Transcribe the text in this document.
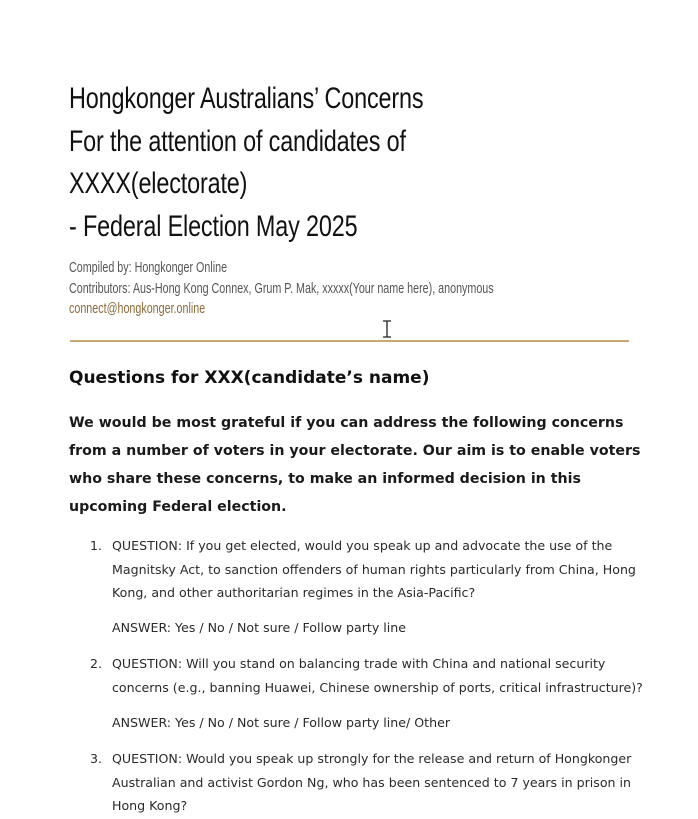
Hongkonger Australians’ Concerns
For the attention of candidates of
XXXX(electorate)
- Federal Election May 2025
Compiled by: Hongkonger Online
Contributors: Aus-Hong Kong Connex, Grum P. Mak, xxxxx(Your name here), anonymous
connect@hongkonger.online
Questions for XXX(candidate’s name)
We would be most grateful if you can address the following concerns
from a number of voters in your electorate. Our aim is to enable voters
who share these concerns, to make an informed decision in this
upcoming Federal election.
1. QUESTION: If you get elected, would you speak up and advocate the use of the
Magnitsky Act, to sanction offenders of human rights particularly from China, Hong
Kong, and other authoritarian regimes in the Asia-Pacific?
ANSWER: Yes / No / Not sure / Follow party line
2. QUESTION: Will you stand on balancing trade with China and national security
concerns (e.g., banning Huawei, Chinese ownership of ports, critical infrastructure)?
ANSWER: Yes / No / Not sure / Follow party line/ Other
3. QUESTION: Would you speak up strongly for the release and return of Hongkonger
Australian and activist Gordon Ng, who has been sentenced to 7 years in prison in
Hong Kong?
